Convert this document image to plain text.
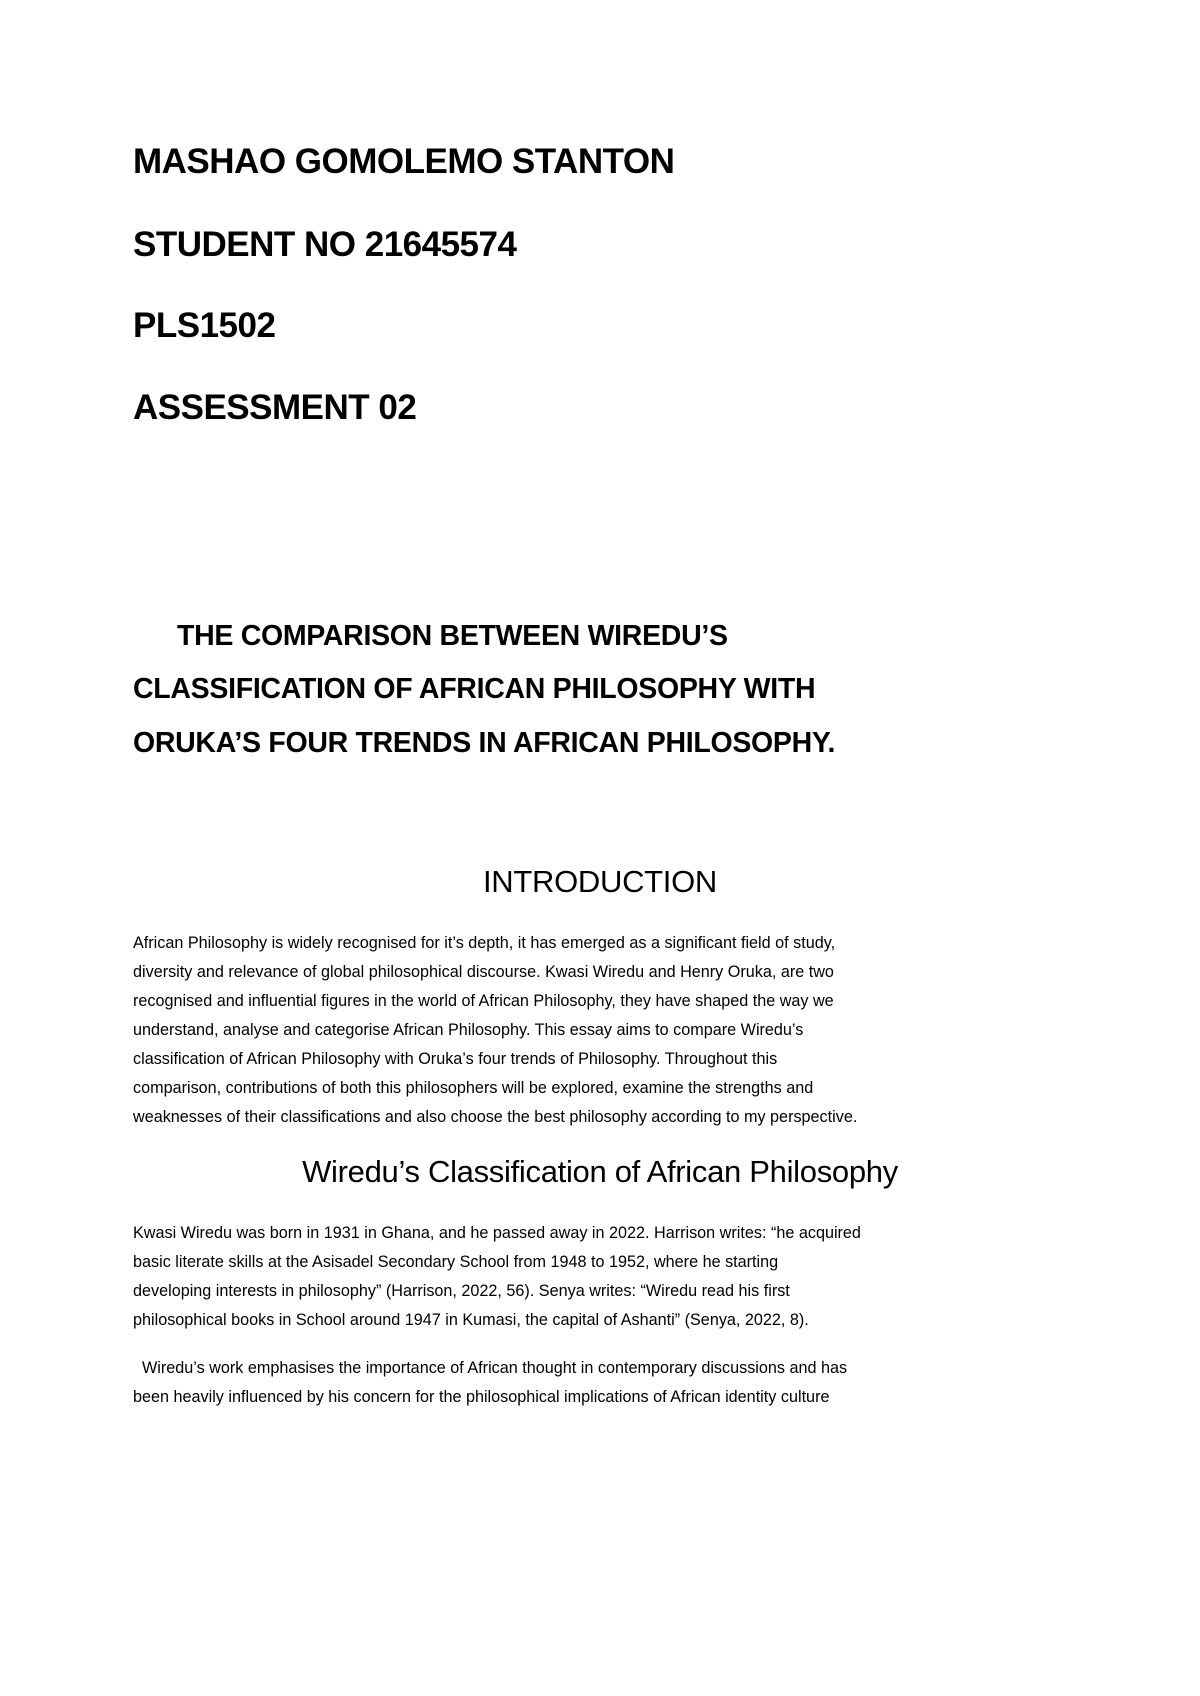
MASHAO GOMOLEMO STANTON
STUDENT NO 21645574
PLS1502
ASSESSMENT 02
THE COMPARISON BETWEEN WIREDU’S
CLASSIFICATION OF AFRICAN PHILOSOPHY WITH
ORUKA’S FOUR TRENDS IN AFRICAN PHILOSOPHY.
INTRODUCTION
African Philosophy is widely recognised for it’s depth, it has emerged as a significant field of study,
diversity and relevance of global philosophical discourse. Kwasi Wiredu and Henry Oruka, are two
recognised and influential figures in the world of African Philosophy, they have shaped the way we
understand, analyse and categorise African Philosophy. This essay aims to compare Wiredu’s
classification of African Philosophy with Oruka’s four trends of Philosophy. Throughout this
comparison, contributions of both this philosophers will be explored, examine the strengths and
weaknesses of their classifications and also choose the best philosophy according to my perspective.
Wiredu’s Classification of African Philosophy
Kwasi Wiredu was born in 1931 in Ghana, and he passed away in 2022. Harrison writes: “he acquired
basic literate skills at the Asisadel Secondary School from 1948 to 1952, where he starting
developing interests in philosophy” (Harrison, 2022, 56). Senya writes: “Wiredu read his first
philosophical books in School around 1947 in Kumasi, the capital of Ashanti” (Senya, 2022, 8).
Wiredu’s work emphasises the importance of African thought in contemporary discussions and has
been heavily influenced by his concern for the philosophical implications of African identity culture
